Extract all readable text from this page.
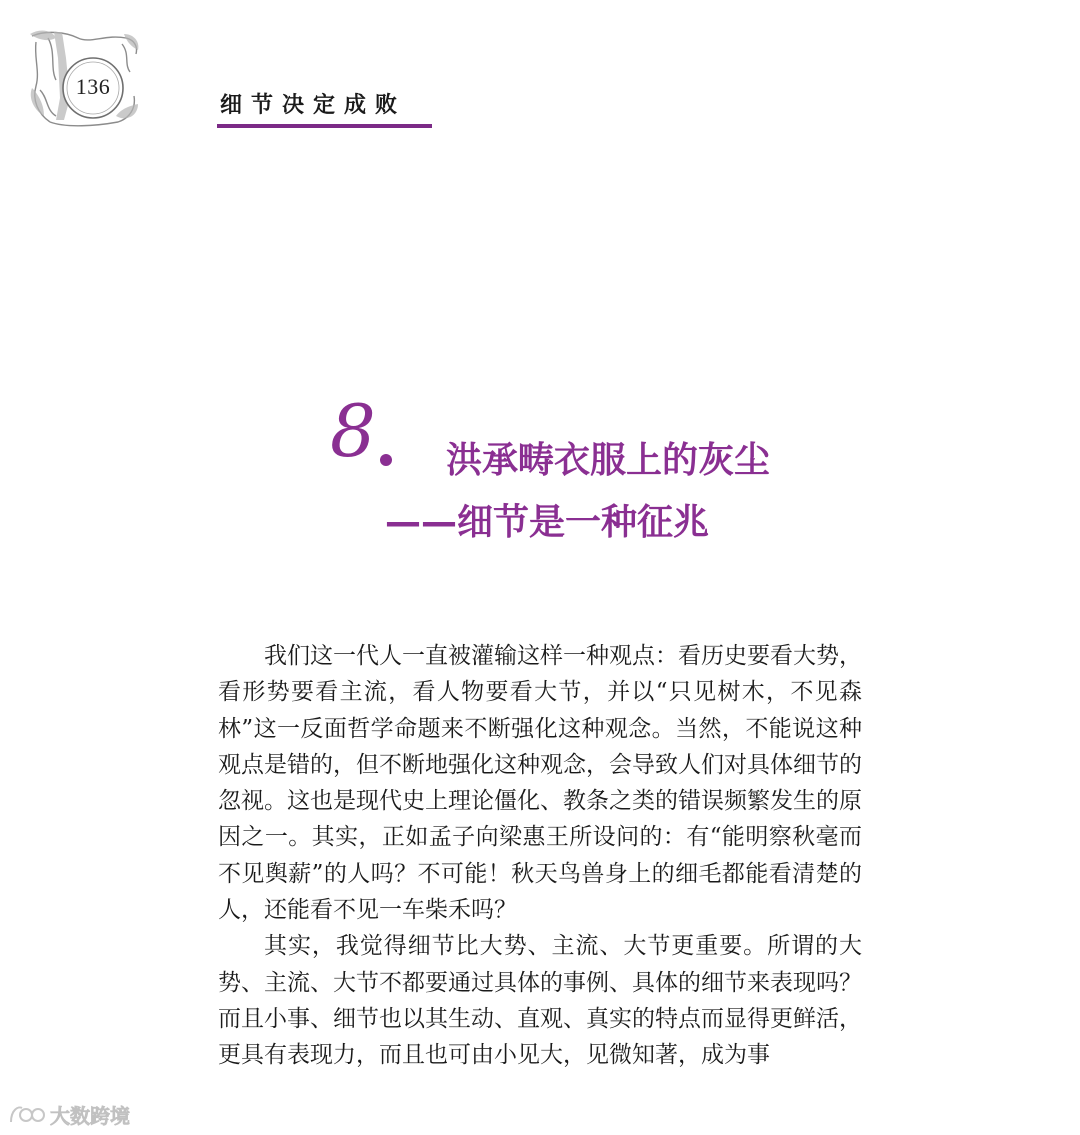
136
细节决定成败
8 洪承畴衣服上的灰尘
——细节是一种征兆

我们这一代人一直被灌输这样一种观点：看历史要看大势，看形势要看主流，看人物要看大节，并以“只见树木，不见森林”这一反面哲学命题来不断强化这种观念。当然，不能说这种观点是错的，但不断地强化这种观念，会导致人们对具体细节的忽视。这也是现代史上理论僵化、教条之类的错误频繁发生的原因之一。其实，正如孟子向梁惠王所设问的：有“能明察秋毫而不见舆薪”的人吗？不可能！秋天鸟兽身上的细毛都能看清楚的人，还能看不见一车柴禾吗？

其实，我觉得细节比大势、主流、大节更重要。所谓的大势、主流、大节不都要通过具体的事例、具体的细节来表现吗？而且小事、细节也以其生动、直观、真实的特点而显得更鲜活，更具有表现力，而且也可由小见大，见微知著，成为事

大数跨境
